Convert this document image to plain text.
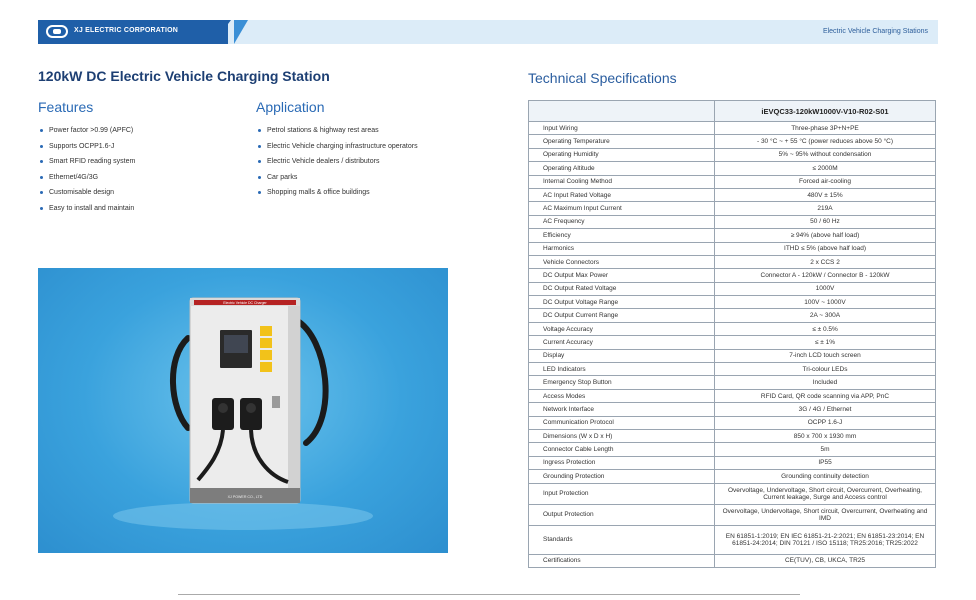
XJ ELECTRIC CORPORATION	Electric Vehicle Charging Stations
120kW DC Electric Vehicle Charging Station
Features
Power factor >0.99 (APFC)
Supports OCPP1.6-J
Smart RFID reading system
Ethernet/4G/3G
Customisable design
Easy to install and maintain
Application
Petrol stations & highway rest areas
Electric Vehicle charging infrastructure operators
Electric Vehicle dealers / distributors
Car parks
Shopping malls & office buildings
Electric Vehicle DC Charger
XJ POWER CO., LTD
Technical Specifications
	iEVQC33-120kW1000V-V10-R02-S01
Input Wiring	Three-phase 3P+N+PE
Operating Temperature	- 30 °C ~ + 55 °C (power reduces above 50 °C)
Operating Humidity	5% ~ 95% without condensation
Operating Altitude	≤ 2000M
Internal Cooling Method	Forced air-cooling
AC Input Rated Voltage	480V ± 15%
AC Maximum Input Current	219A
AC Frequency	50 / 60 Hz
Efficiency	≥ 94% (above half load)
Harmonics	ITHD ≤ 5% (above half load)
Vehicle Connectors	2 x CCS 2
DC Output Max Power	Connector A - 120kW / Connector B - 120kW
DC Output Rated Voltage	1000V
DC Output Voltage Range	100V ~ 1000V
DC Output Current Range	2A ~ 300A
Voltage Accuracy	≤ ± 0.5%
Current Accuracy	≤ ± 1%
Display	7-inch LCD touch screen
LED Indicators	Tri-colour LEDs
Emergency Stop Button	Included
Access Modes	RFID Card, QR code scanning via APP, PnC
Network Interface	3G / 4G / Ethernet
Communication Protocol	OCPP 1.6-J
Dimensions (W x D x H)	850 x 700 x 1930 mm
Connector Cable Length	5m
Ingress Protection	IP55
Grounding Protection	Grounding continuity detection
Input Protection	Overvoltage, Undervoltage, Short circuit, Overcurrent, Overheating, Current leakage, Surge and Access control
Output Protection	Overvoltage, Undervoltage, Short circuit, Overcurrent, Overheating and IMD
Standards	EN 61851-1:2019; EN IEC 61851-21-2:2021; EN 61851-23:2014; EN 61851-24:2014; DIN 70121 / ISO 15118; TR25:2016; TR25:2022
Certifications	CE(TUV), CB, UKCA, TR25
